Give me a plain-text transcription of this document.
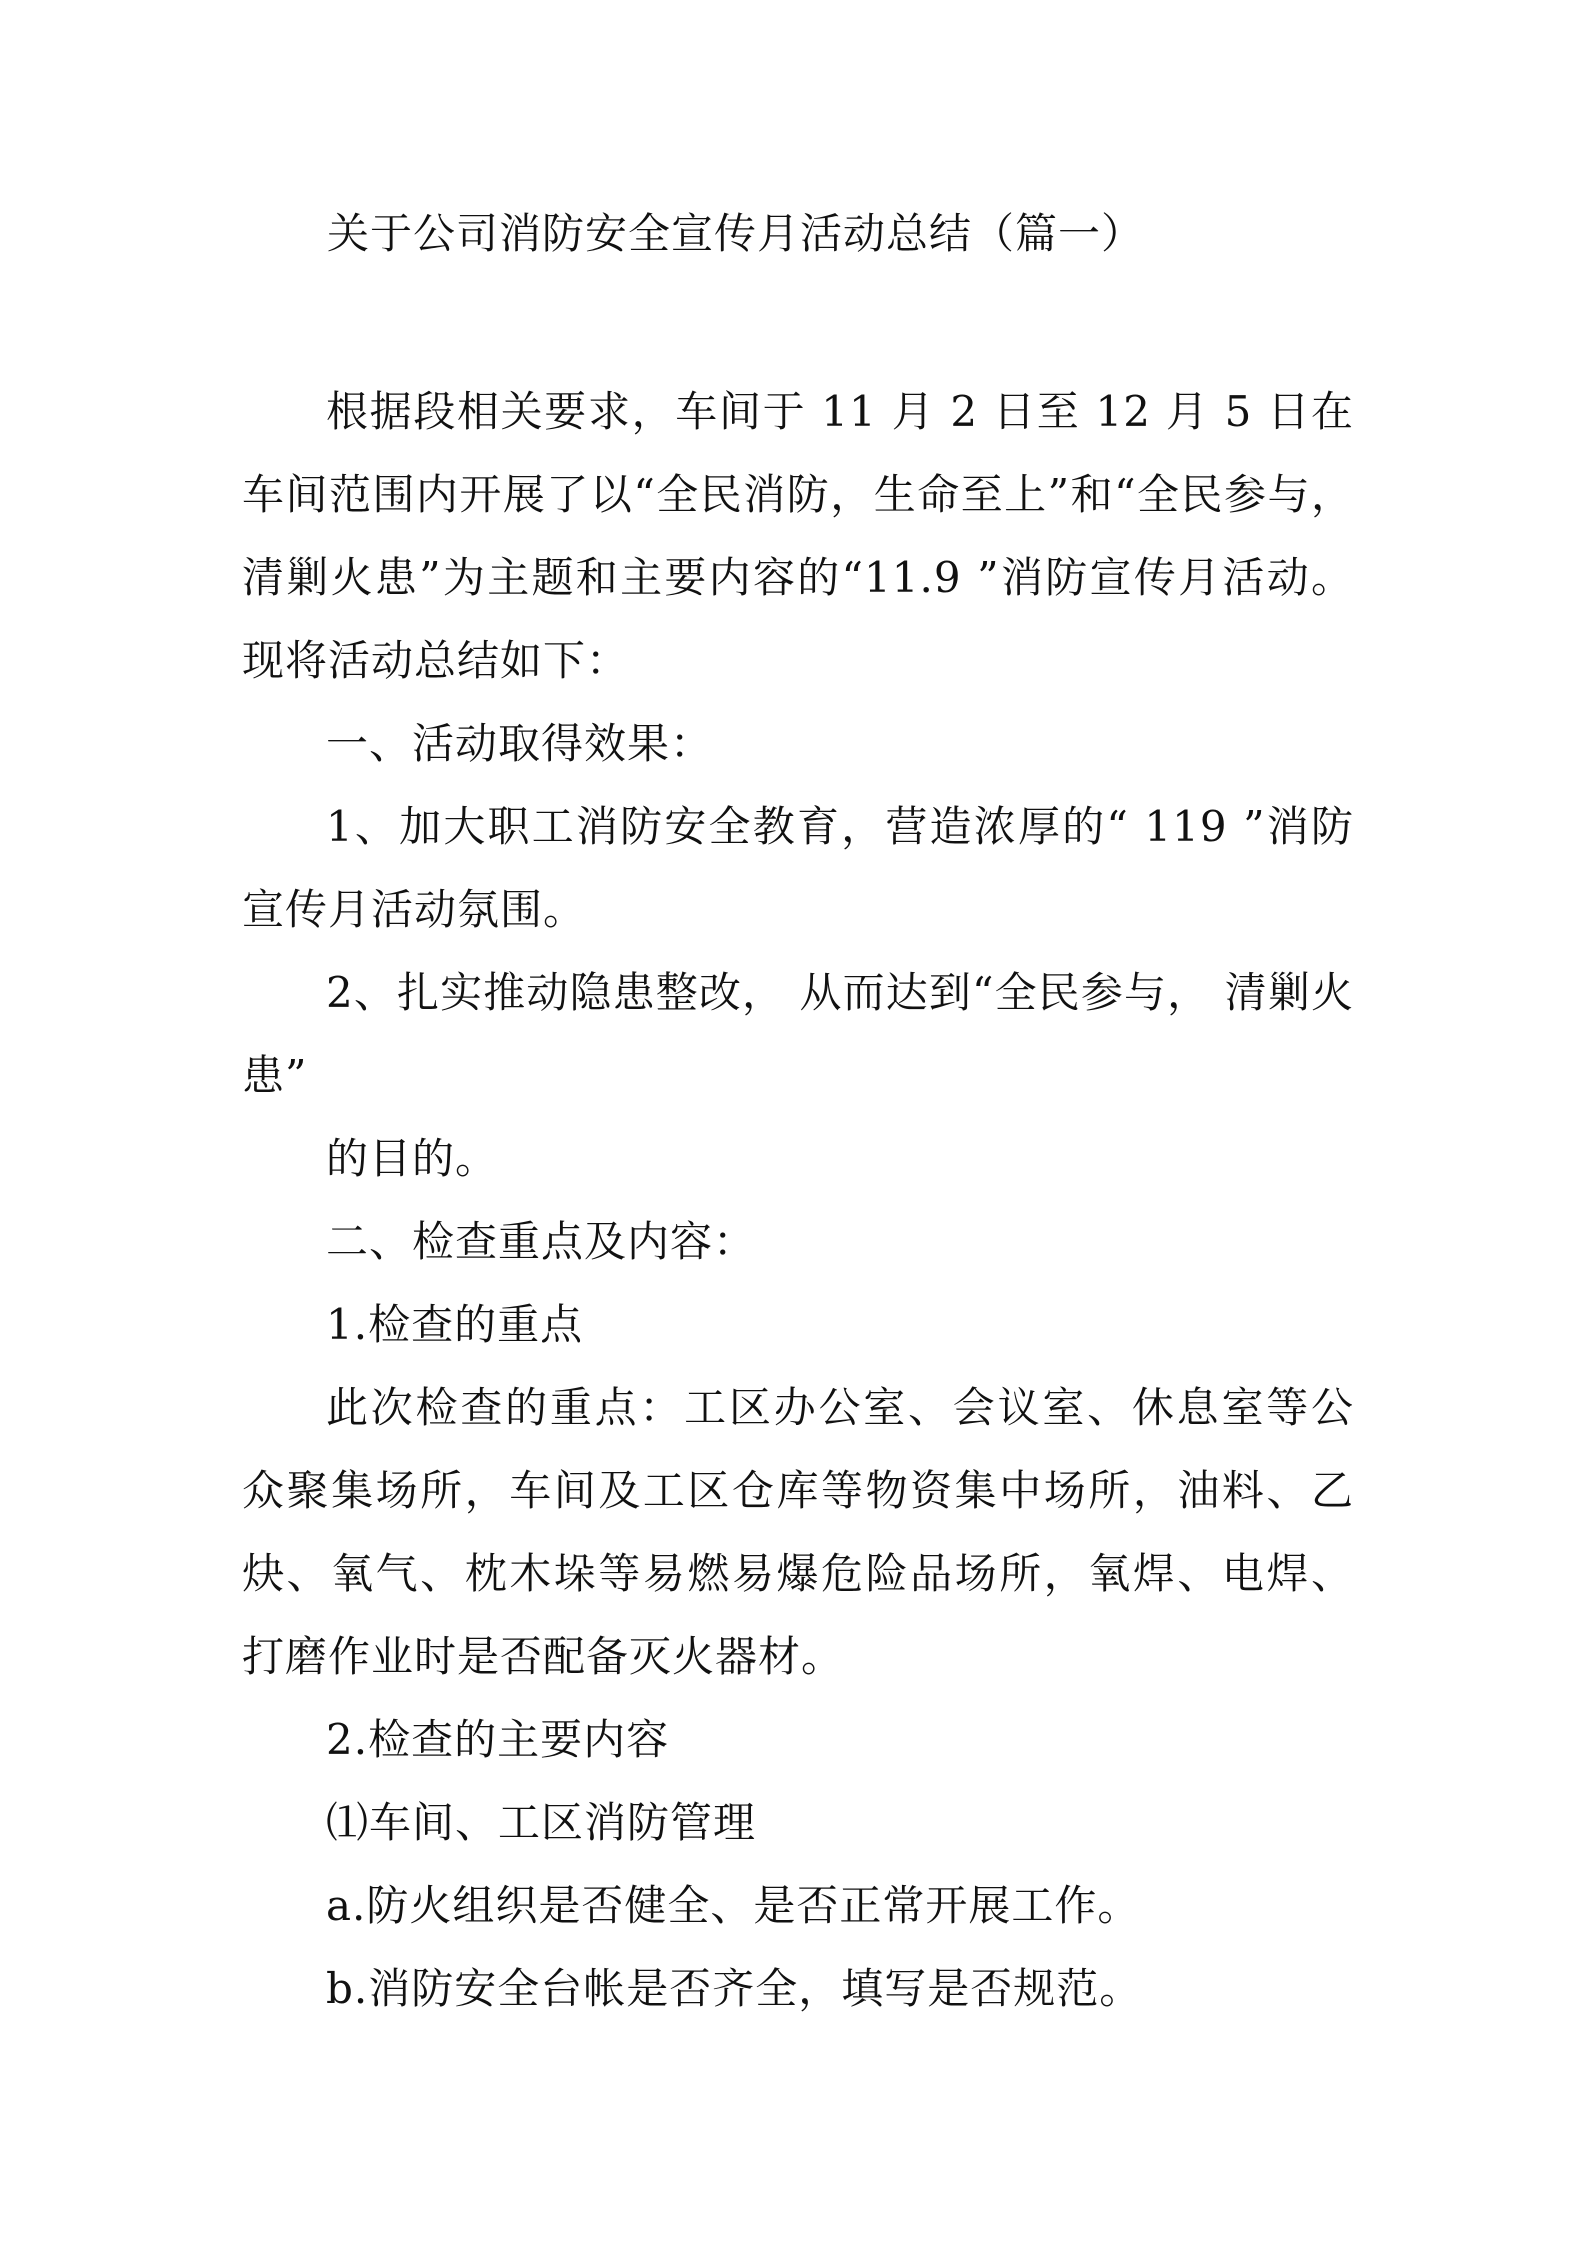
关于公司消防安全宣传月活动总结（篇一）

根据段相关要求，车间于 11 月 2 日至 12 月 5 日在车间范围内开展了以“全民消防，生命至上”和“全民参与，清剿火患”为主题和主要内容的“11.9 ”消防宣传月活动。现将活动总结如下：

一、活动取得效果：

1、加大职工消防安全教育，营造浓厚的“ 119 ”消防宣传月活动氛围。

2、扎实推动隐患整改， 从而达到“全民参与， 清剿火患”

的目的。

二、检查重点及内容：

1.检查的重点

此次检查的重点：工区办公室、会议室、休息室等公众聚集场所，车间及工区仓库等物资集中场所，油料、乙炔、氧气、枕木垛等易燃易爆危险品场所，氧焊、电焊、打磨作业时是否配备灭火器材。

2.检查的主要内容

⑴车间、工区消防管理

a.防火组织是否健全、是否正常开展工作。

b.消防安全台帐是否齐全，填写是否规范。
